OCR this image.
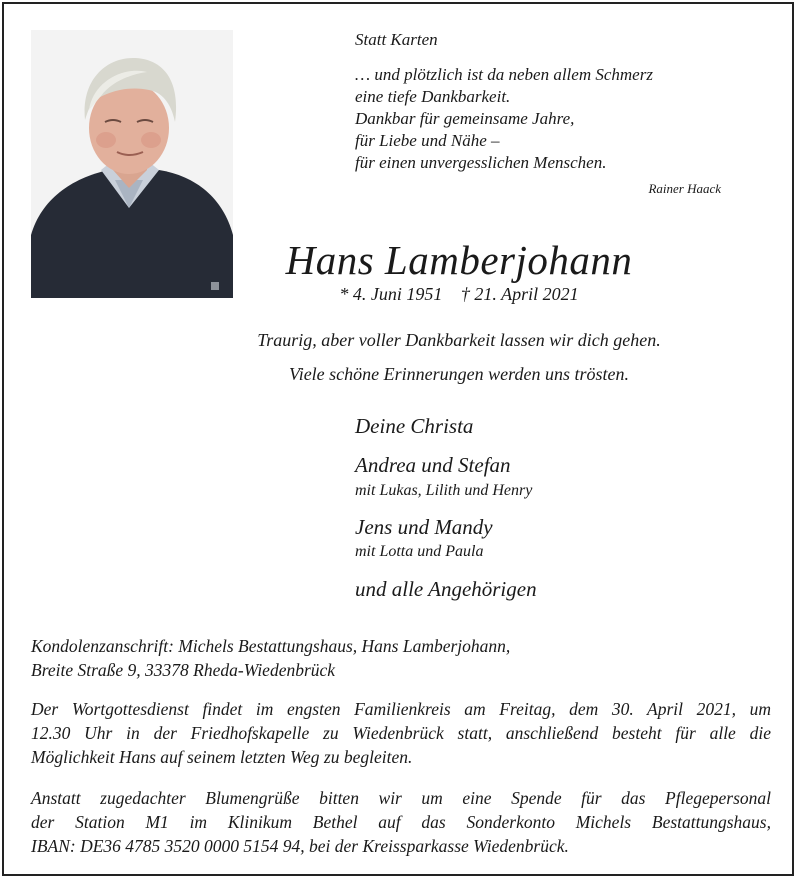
Statt Karten
… und plötzlich ist da neben allem Schmerz
eine tiefe Dankbarkeit.
Dankbar für gemeinsame Jahre,
für Liebe und Nähe –
für einen unvergesslichen Menschen.
Rainer Haack
Hans Lamberjohann
* 4. Juni 1951 † 21. April 2021
Traurig, aber voller Dankbarkeit lassen wir dich gehen.
Viele schöne Erinnerungen werden uns trösten.
Deine Christa
Andrea und Stefan
mit Lukas, Lilith und Henry
Jens und Mandy
mit Lotta und Paula
und alle Angehörigen
Kondolenzanschrift: Michels Bestattungshaus, Hans Lamberjohann,
Breite Straße 9, 33378 Rheda-Wiedenbrück
Der Wortgottesdienst findet im engsten Familienkreis am Freitag, dem 30. April 2021, um
12.30 Uhr in der Friedhofskapelle zu Wiedenbrück statt, anschließend besteht für alle die
Möglichkeit Hans auf seinem letzten Weg zu begleiten.
Anstatt zugedachter Blumengrüße bitten wir um eine Spende für das Pflegepersonal
der Station M1 im Klinikum Bethel auf das Sonderkonto Michels Bestattungshaus,
IBAN: DE36 4785 3520 0000 5154 94, bei der Kreissparkasse Wiedenbrück.
